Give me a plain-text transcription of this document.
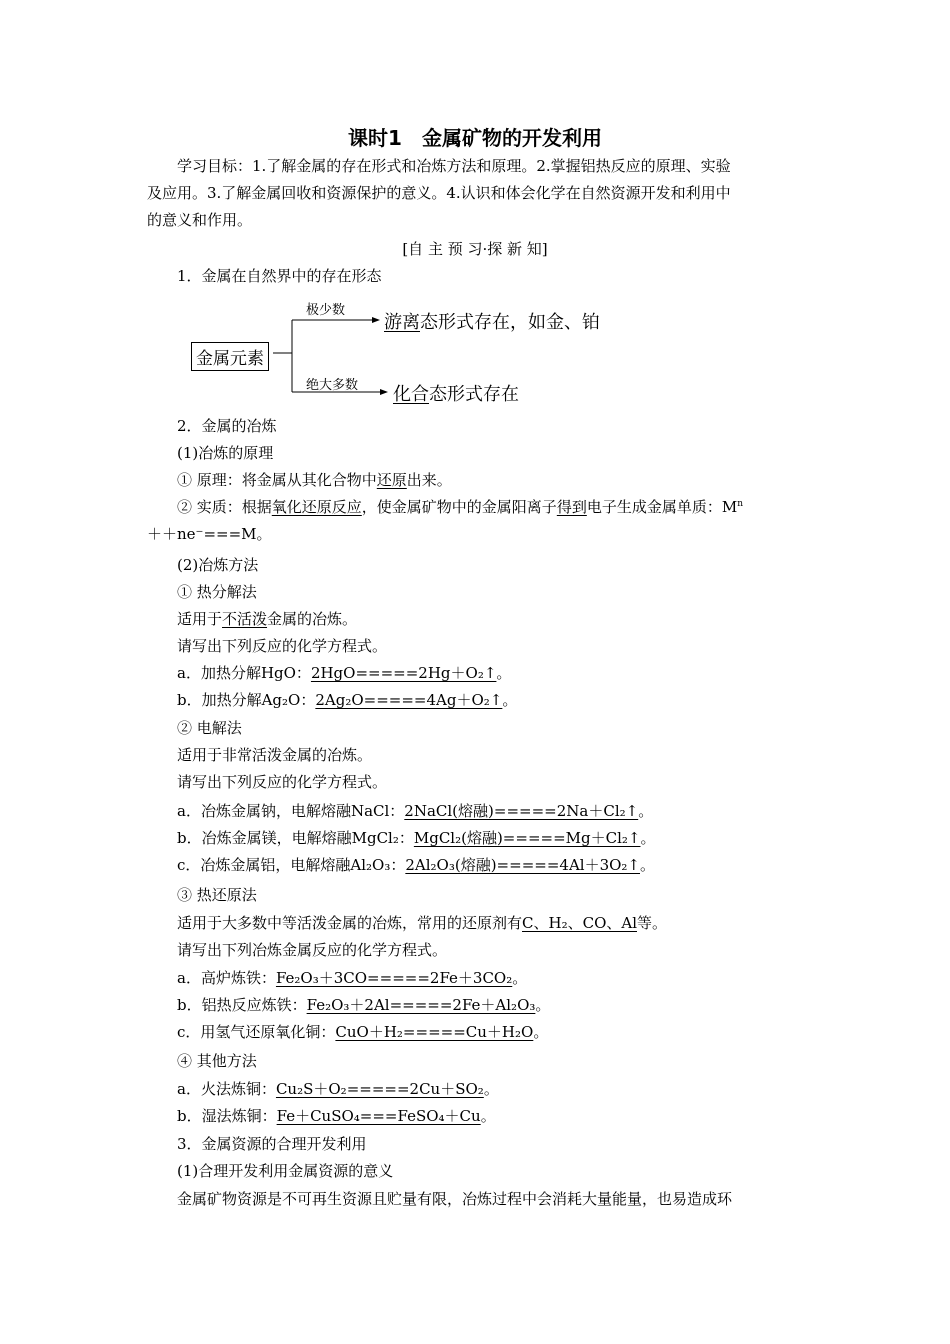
课时1　金属矿物的开发利用
学习目标：1.了解金属的存在形式和冶炼方法和原理。2.掌握铝热反应的原理、实验
及应用。3.了解金属回收和资源保护的意义。4.认识和体会化学在自然资源开发和利用中
的意义和作用。
[自 主 预 习·探 新 知]
1．金属在自然界中的存在形态
金属元素
极少数
游离态形式存在，如金、铂
绝大多数 化合态形式存在
2．金属的冶炼
(1)冶炼的原理
① 原理：将金属从其化合物中还原出来。
② 实质：根据氧化还原反应，使金属矿物中的金属阳离子得到电子生成金属单质：$M^n$
＋＋ne⁻===M。
(2)冶炼方法
① 热分解法
适用于不活泼金属的冶炼。
请写出下列反应的化学方程式。
a．加热分解HgO：2HgO=====2Hg＋O₂↑。
b．加热分解Ag₂O：2Ag₂O=====4Ag＋O₂↑。
② 电解法
适用于非常活泼金属的冶炼。
请写出下列反应的化学方程式。
a．冶炼金属钠，电解熔融NaCl：2NaCl(熔融)=====2Na＋Cl₂↑。
b．冶炼金属镁，电解熔融MgCl₂：MgCl₂(熔融)=====Mg＋Cl₂↑。
c．冶炼金属铝，电解熔融Al₂O₃：2Al₂O₃(熔融)=====4Al＋3O₂↑。
③ 热还原法
适用于大多数中等活泼金属的冶炼，常用的还原剂有C、H₂、CO、Al等。
请写出下列冶炼金属反应的化学方程式。
a．高炉炼铁：Fe₂O₃＋3CO=====2Fe＋3CO₂。
b．铝热反应炼铁：Fe₂O₃＋2Al=====2Fe＋Al₂O₃。
c．用氢气还原氧化铜：CuO＋H₂=====Cu＋H₂O。
④ 其他方法
a．火法炼铜：Cu₂S＋O₂=====2Cu＋SO₂。
b．湿法炼铜：Fe＋CuSO₄===FeSO₄＋Cu。
3．金属资源的合理开发利用
(1)合理开发利用金属资源的意义
金属矿物资源是不可再生资源且贮量有限，冶炼过程中会消耗大量能量，也易造成环
